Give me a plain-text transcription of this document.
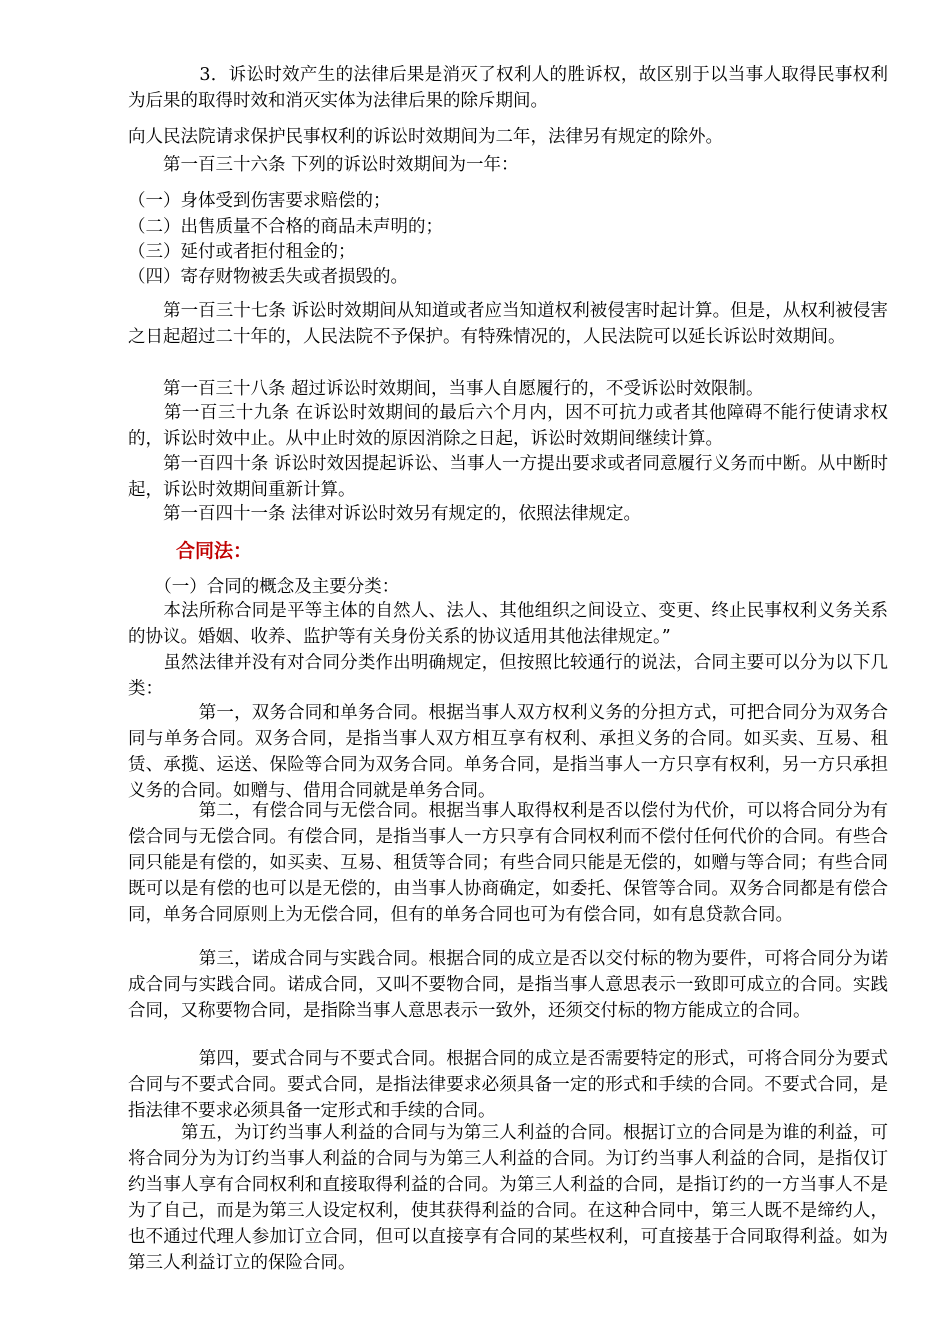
　　　　3．诉讼时效产生的法律后果是消灭了权利人的胜诉权，故区别于以当事人取得民事权利为后果的取得时效和消灭实体为法律后果的除斥期间。

向人民法院请求保护民事权利的诉讼时效期间为二年，法律另有规定的除外。

　　第一百三十六条 下列的诉讼时效期间为一年：

（一）身体受到伤害要求赔偿的；

（二）出售质量不合格的商品未声明的；

（三）延付或者拒付租金的；

（四）寄存财物被丢失或者损毁的。

　　第一百三十七条 诉讼时效期间从知道或者应当知道权利被侵害时起计算。但是，从权利被侵害之日起超过二十年的，人民法院不予保护。有特殊情况的，人民法院可以延长诉讼时效期间。

　　第一百三十八条 超过诉讼时效期间，当事人自愿履行的，不受诉讼时效限制。

　　第一百三十九条 在诉讼时效期间的最后六个月内，因不可抗力或者其他障碍不能行使请求权的，诉讼时效中止。从中止时效的原因消除之日起，诉讼时效期间继续计算。

　　第一百四十条 诉讼时效因提起诉讼、当事人一方提出要求或者同意履行义务而中断。从中断时起，诉讼时效期间重新计算。

　　第一百四十一条 法律对诉讼时效另有规定的，依照法律规定。

合同法：

　　（一）合同的概念及主要分类：

　　本法所称合同是平等主体的自然人、法人、其他组织之间设立、变更、终止民事权利义务关系的协议。婚姻、收养、监护等有关身份关系的协议适用其他法律规定。”

　　虽然法律并没有对合同分类作出明确规定，但按照比较通行的说法，合同主要可以分为以下几类：

　　　　第一，双务合同和单务合同。根据当事人双方权利义务的分担方式，可把合同分为双务合同与单务合同。双务合同，是指当事人双方相互享有权利、承担义务的合同。如买卖、互易、租赁、承揽、运送、保险等合同为双务合同。单务合同，是指当事人一方只享有权利，另一方只承担义务的合同。如赠与、借用合同就是单务合同。

　　　　第二，有偿合同与无偿合同。根据当事人取得权利是否以偿付为代价，可以将合同分为有偿合同与无偿合同。有偿合同，是指当事人一方只享有合同权利而不偿付任何代价的合同。有些合同只能是有偿的，如买卖、互易、租赁等合同；有些合同只能是无偿的，如赠与等合同；有些合同既可以是有偿的也可以是无偿的，由当事人协商确定，如委托、保管等合同。双务合同都是有偿合同，单务合同原则上为无偿合同，但有的单务合同也可为有偿合同，如有息贷款合同。

　　　　第三，诺成合同与实践合同。根据合同的成立是否以交付标的物为要件，可将合同分为诺成合同与实践合同。诺成合同，又叫不要物合同，是指当事人意思表示一致即可成立的合同。实践合同，又称要物合同，是指除当事人意思表示一致外，还须交付标的物方能成立的合同。

　　　　第四，要式合同与不要式合同。根据合同的成立是否需要特定的形式，可将合同分为要式合同与不要式合同。要式合同，是指法律要求必须具备一定的形式和手续的合同。不要式合同，是指法律不要求必须具备一定形式和手续的合同。

　　　第五，为订约当事人利益的合同与为第三人利益的合同。根据订立的合同是为谁的利益，可将合同分为为订约当事人利益的合同与为第三人利益的合同。为订约当事人利益的合同，是指仅订约当事人享有合同权利和直接取得利益的合同。为第三人利益的合同，是指订约的一方当事人不是为了自己，而是为第三人设定权利，使其获得利益的合同。在这种合同中，第三人既不是缔约人，也不通过代理人参加订立合同，但可以直接享有合同的某些权利，可直接基于合同取得利益。如为第三人利益订立的保险合同。
